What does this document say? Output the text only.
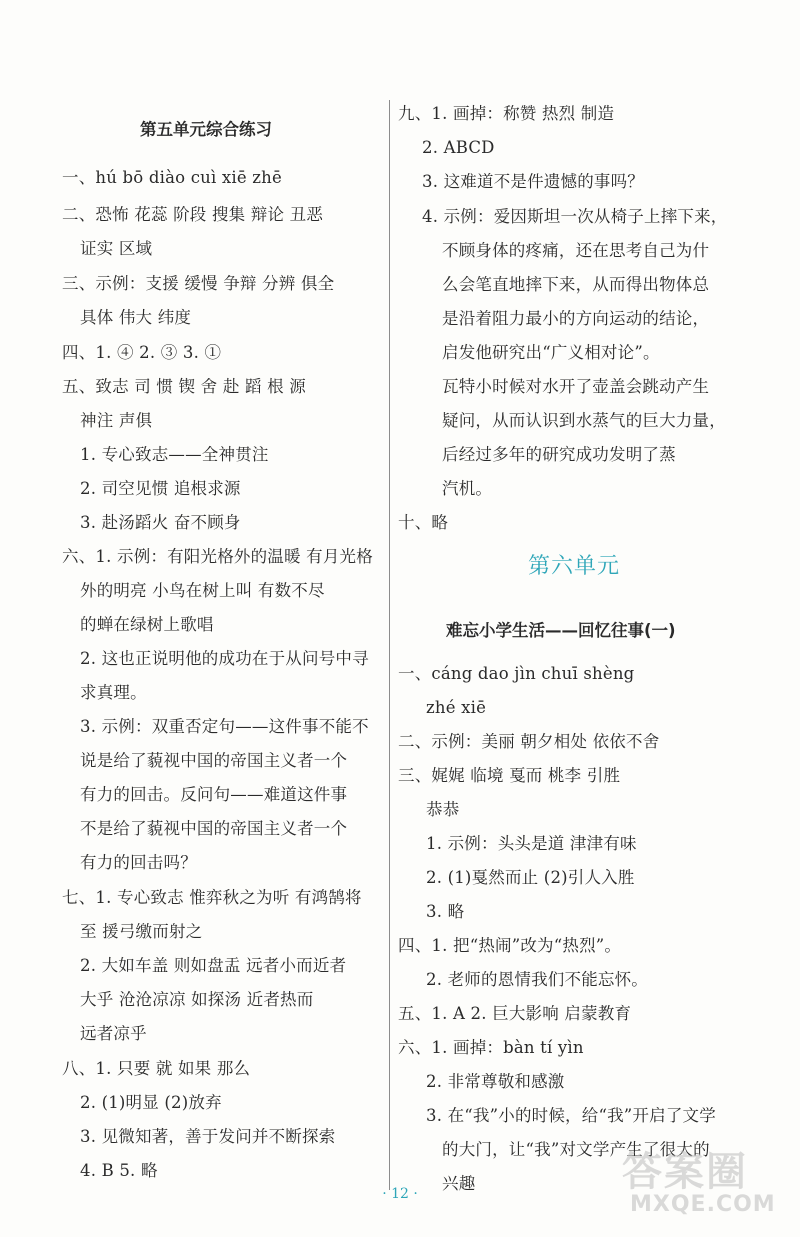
第五单元综合练习
一、hú bō diào cuì xiē zhē
二、恐怖 花蕊 阶段 搜集 辩论 丑恶
证实 区域
三、示例：支援 缓慢 争辩 分辨 俱全
具体 伟大 纬度
四、1. ④ 2. ③ 3. ①
五、致志 司 惯 锲 舍 赴 蹈 根 源
神注 声俱
1. 专心致志——全神贯注
2. 司空见惯 追根求源
3. 赴汤蹈火 奋不顾身
六、1. 示例：有阳光格外的温暖 有月光格
外的明亮 小鸟在树上叫 有数不尽
的蝉在绿树上歌唱
2. 这也正说明他的成功在于从问号中寻
求真理。
3. 示例：双重否定句——这件事不能不
说是给了藐视中国的帝国主义者一个
有力的回击。反问句——难道这件事
不是给了藐视中国的帝国主义者一个
有力的回击吗？
七、1. 专心致志 惟弈秋之为听 有鸿鹄将
至 援弓缴而射之
2. 大如车盖 则如盘盂 远者小而近者
大乎 沧沧凉凉 如探汤 近者热而
远者凉乎
八、1. 只要 就 如果 那么
2. (1)明显 (2)放弃
3. 见微知著，善于发问并不断探索
4. B 5. 略
九、1. 画掉：称赞 热烈 制造
2. ABCD
3. 这难道不是件遗憾的事吗？
4. 示例：爱因斯坦一次从椅子上摔下来，
不顾身体的疼痛，还在思考自己为什
么会笔直地摔下来，从而得出物体总
是沿着阻力最小的方向运动的结论，
启发他研究出“广义相对论”。
瓦特小时候对水开了壶盖会跳动产生
疑问，从而认识到水蒸气的巨大力量，
后经过多年的研究成功发明了蒸
汽机。
十、略
第六单元
难忘小学生活——回忆往事(一)
一、cáng dao jìn chuī shèng
zhé xiē
二、示例：美丽 朝夕相处 依依不舍
三、娓娓 临境 戛而 桃李 引胜
恭恭
1. 示例：头头是道 津津有味
2. (1)戛然而止 (2)引人入胜
3. 略
四、1. 把“热闹”改为“热烈”。
2. 老师的恩情我们不能忘怀。
五、1. A 2. 巨大影响 启蒙教育
六、1. 画掉：bàn tí yìn
2. 非常尊敬和感激
3. 在“我”小的时候，给“我”开启了文学
的大门，让“我”对文学产生了很大的
兴趣
· 12 ·	答案圈
MXQE.COM
